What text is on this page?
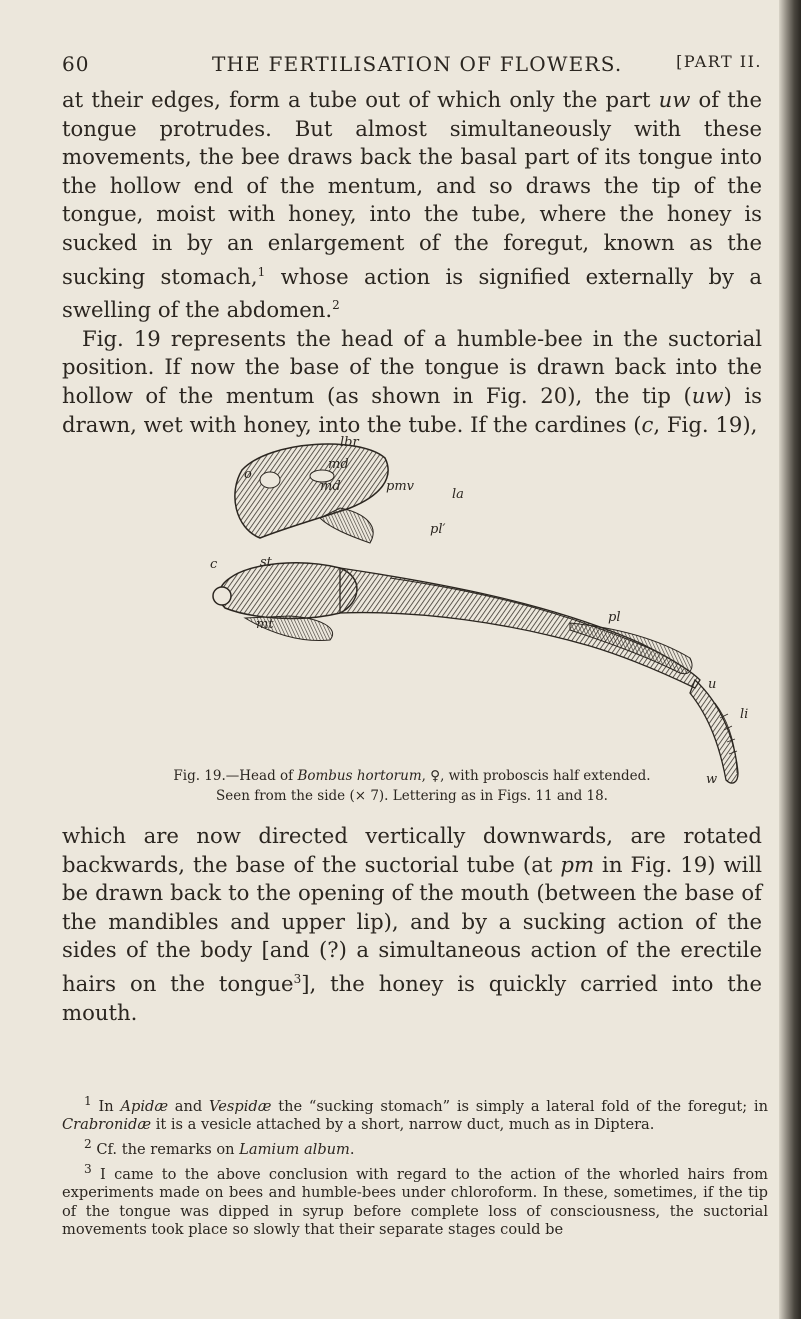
60	THE FERTILISATION OF FLOWERS.	[PART II.

at their edges, form a tube out of which only the part uw of the tongue protrudes. But almost simultaneously with these movements, the bee draws back the basal part of its tongue into the hollow end of the mentum, and so draws the tip of the tongue, moist with honey, into the tube, where the honey is sucked in by an enlargement of the foregut, known as the sucking stomach,$^1$ whose action is signified externally by a swelling of the abdomen.$^2$

Fig. 19 represents the head of a humble-bee in the suctorial position. If now the base of the tongue is drawn back into the hollow of the mentum (as shown in Fig. 20), the tip (uw) is drawn, wet with honey, into the tube. If the cardines (c, Fig. 19),

o
lbr
md
md	pmv
la
c	st
mt
pl′
pl
u
li
w
Fig. 19.—Head of Bombus hortorum, ♀, with proboscis half extended.
Seen from the side (× 7). Lettering as in Figs. 11 and 18.

which are now directed vertically downwards, are rotated backwards, the base of the suctorial tube (at pm in Fig. 19) will be drawn back to the opening of the mouth (between the base of the mandibles and upper lip), and by a sucking action of the sides of the body [and (?) a simultaneous action of the erectile hairs on the tongue$^3$], the honey is quickly carried into the mouth.

$^1$ In Apidæ and Vespidæ the “sucking stomach” is simply a lateral fold of the foregut; in Crabronidæ it is a vesicle attached by a short, narrow duct, much as in Diptera.

$^2$ Cf. the remarks on Lamium album.

$^3$ I came to the above conclusion with regard to the action of the whorled hairs from experiments made on bees and humble-bees under chloroform. In these, sometimes, if the tip of the tongue was dipped in syrup before complete loss of consciousness, the suctorial movements took place so slowly that their separate stages could be
